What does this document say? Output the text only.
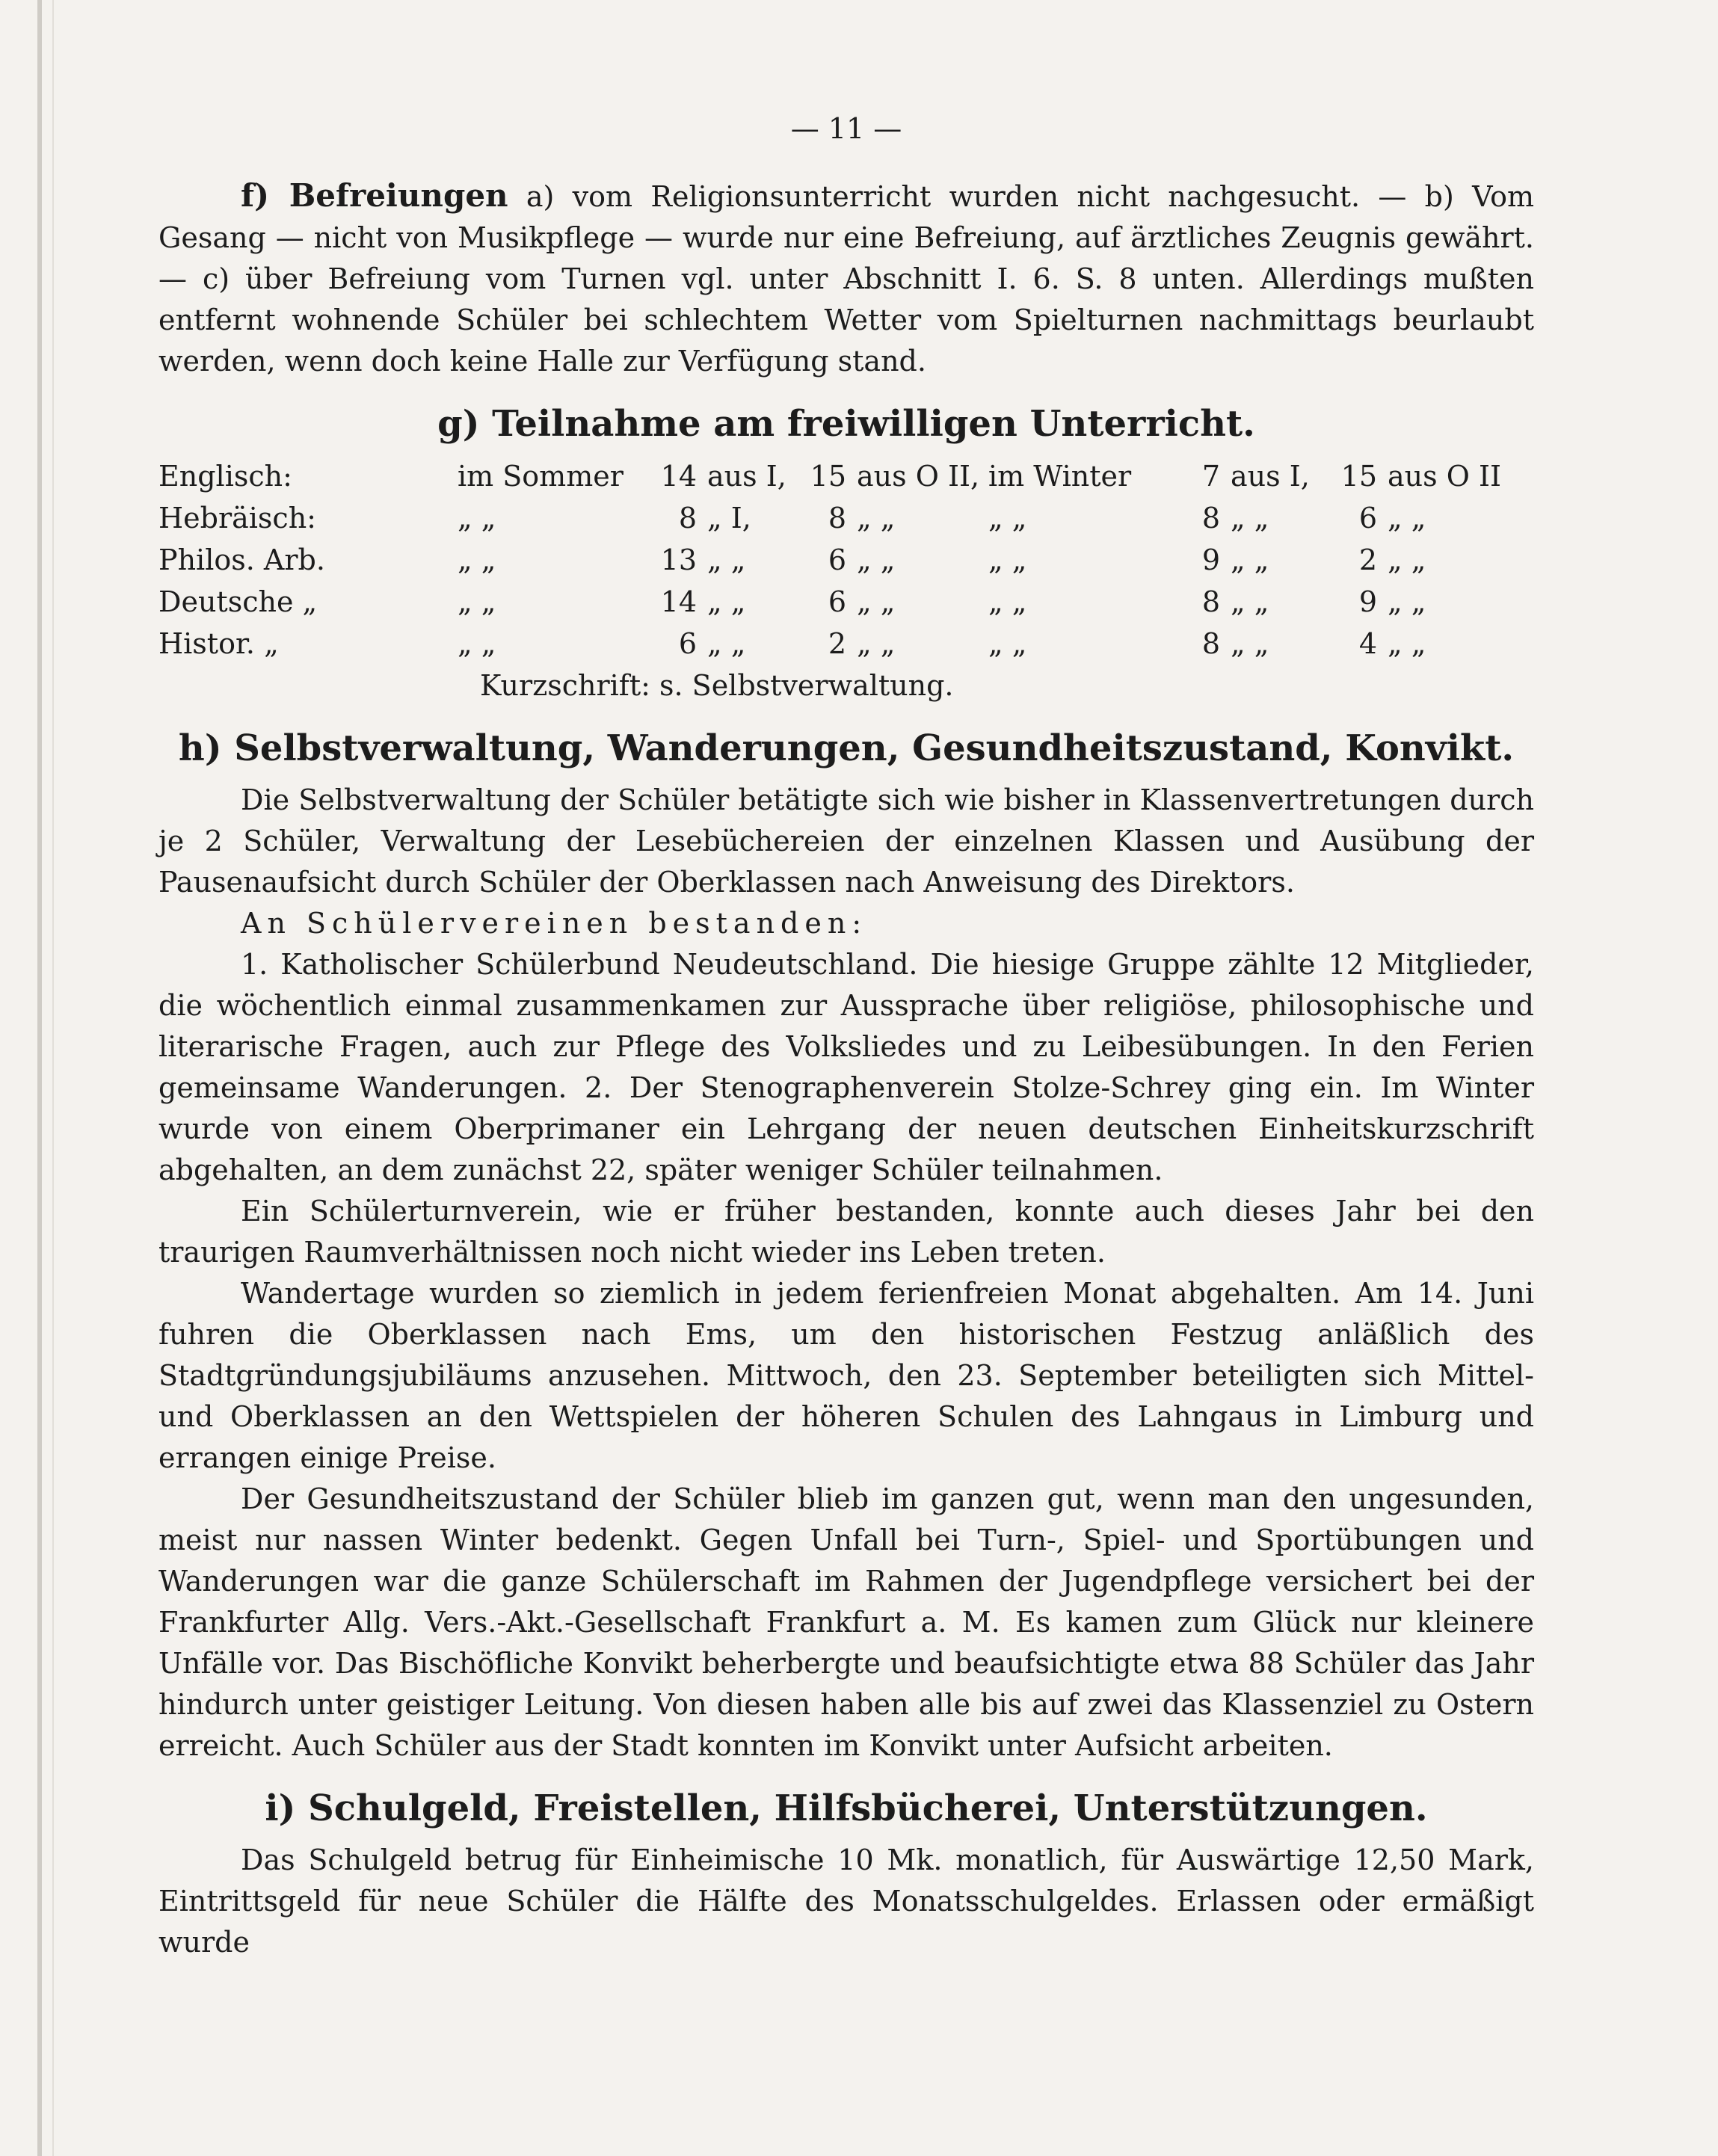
— 11 —

f) Befreiungen a) vom Religionsunterricht wurden nicht nachgesucht. — b) Vom Gesang — nicht von Musikpflege — wurde nur eine Befreiung, auf ärztliches Zeugnis gewährt. — c) über Befreiung vom Turnen vgl. unter Abschnitt I. 6. S. 8 unten. Allerdings mußten entfernt wohnende Schüler bei schlechtem Wetter vom Spielturnen nachmittags beurlaubt werden, wenn doch keine Halle zur Verfügung stand.

g) Teilnahme am freiwilligen Unterricht.
Englisch:	im Sommer	14	aus I,	15	aus O II,	im Winter	7	aus I,	15	aus O II
Hebräisch:	„ „	8	„ I,	8	„ „	„ „	8	„ „	6	„ „
Philos. Arb.	„ „	13	„ „	6	„ „	„ „	9	„ „	2	„ „
Deutsche „	„ „	14	„ „	6	„ „	„ „	8	„ „	9	„ „
Histor. „	„ „	6	„ „	2	„ „	„ „	8	„ „	4	„ „
Kurzschrift: s. Selbstverwaltung.
h) Selbstverwaltung, Wanderungen, Gesundheitszustand, Konvikt.

Die Selbstverwaltung der Schüler betätigte sich wie bisher in Klassenvertretungen durch je 2 Schüler, Verwaltung der Lesebüchereien der einzelnen Klassen und Ausübung der Pausenaufsicht durch Schüler der Oberklassen nach Anweisung des Direktors.

An Schülervereinen bestanden:

1. Katholischer Schülerbund Neudeutschland. Die hiesige Gruppe zählte 12 Mitglieder, die wöchentlich einmal zusammenkamen zur Aussprache über religiöse, philosophische und literarische Fragen, auch zur Pflege des Volksliedes und zu Leibesübungen. In den Ferien gemeinsame Wanderungen. 2. Der Stenographenverein Stolze-Schrey ging ein. Im Winter wurde von einem Oberprimaner ein Lehrgang der neuen deutschen Einheitskurzschrift abgehalten, an dem zunächst 22, später weniger Schüler teilnahmen.

Ein Schülerturnverein, wie er früher bestanden, konnte auch dieses Jahr bei den traurigen Raumverhältnissen noch nicht wieder ins Leben treten.

Wandertage wurden so ziemlich in jedem ferienfreien Monat abgehalten. Am 14. Juni fuhren die Oberklassen nach Ems, um den historischen Festzug anläßlich des Stadtgründungsjubiläums anzusehen. Mittwoch, den 23. September beteiligten sich Mittel- und Oberklassen an den Wettspielen der höheren Schulen des Lahngaus in Limburg und errangen einige Preise.

Der Gesundheitszustand der Schüler blieb im ganzen gut, wenn man den ungesunden, meist nur nassen Winter bedenkt. Gegen Unfall bei Turn-, Spiel- und Sportübungen und Wanderungen war die ganze Schülerschaft im Rahmen der Jugendpflege versichert bei der Frankfurter Allg. Vers.-Akt.-Gesellschaft Frankfurt a. M. Es kamen zum Glück nur kleinere Unfälle vor. Das Bischöfliche Konvikt beherbergte und beaufsichtigte etwa 88 Schüler das Jahr hindurch unter geistiger Leitung. Von diesen haben alle bis auf zwei das Klassenziel zu Ostern erreicht. Auch Schüler aus der Stadt konnten im Konvikt unter Aufsicht arbeiten.

i) Schulgeld, Freistellen, Hilfsbücherei, Unterstützungen.

Das Schulgeld betrug für Einheimische 10 Mk. monatlich, für Auswärtige 12,50 Mark, Eintrittsgeld für neue Schüler die Hälfte des Monatsschulgeldes. Erlassen oder ermäßigt wurde
